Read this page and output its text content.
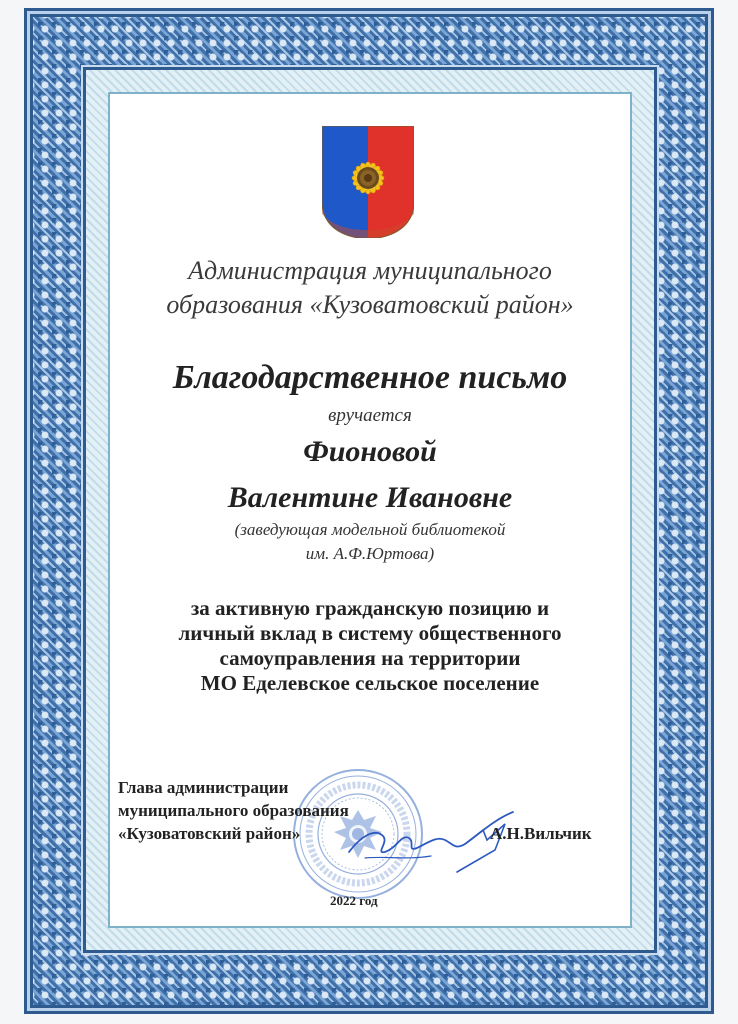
Администрация муниципального
образования «Кузоватовский район»
Благодарственное письмо
вручается
Фионовой
Валентине Ивановне
(заведующая модельной библиотекой
им. А.Ф.Юртова)
за активную гражданскую позицию и
личный вклад в систему общественного
самоуправления на территории
МО Еделевское сельское поселение
Глава администрации
муниципального образования
«Кузоватовский район»	А.Н.Вильчик
2022 год
